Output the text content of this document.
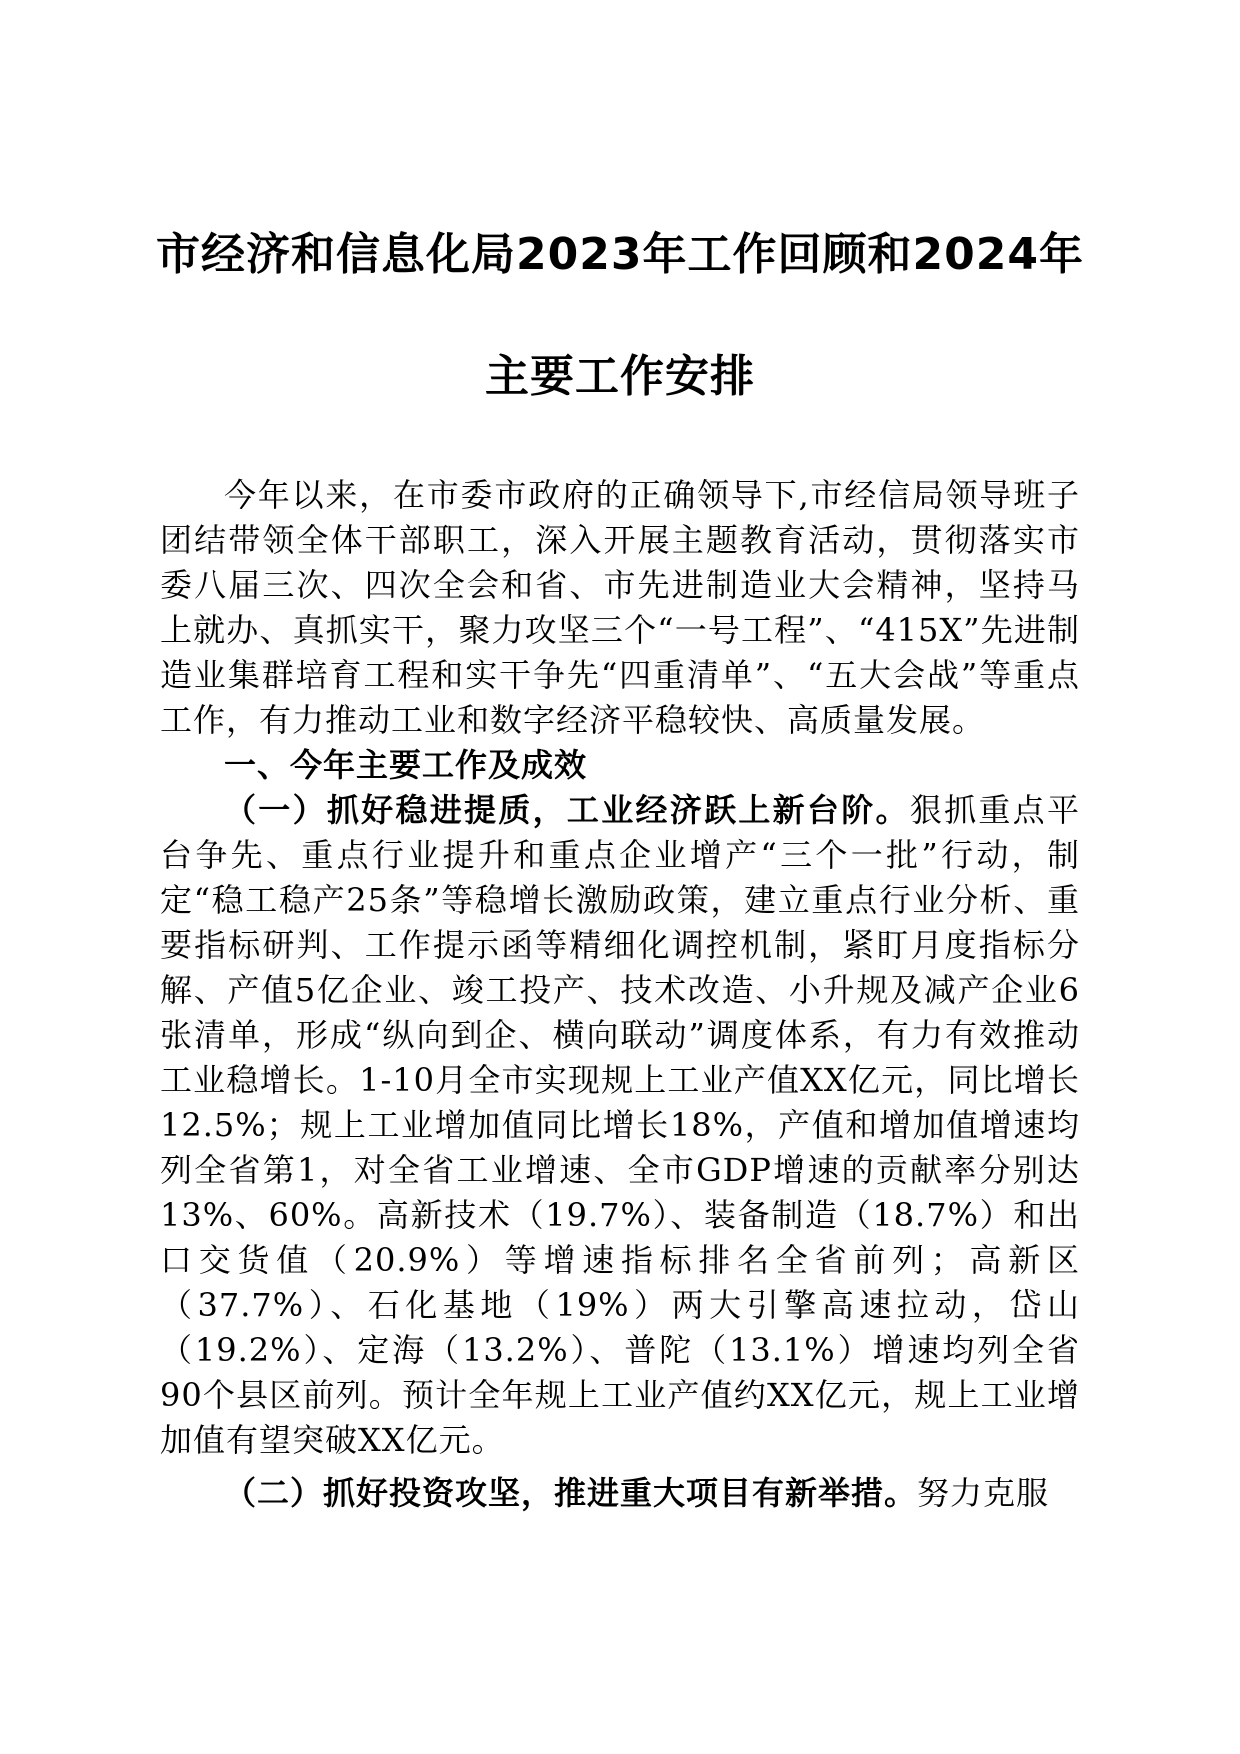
市经济和信息化局2023年工作回顾和2024年
主要工作安排

今年以来，在市委市政府的正确领导下,市经信局领导班子团结带领全体干部职工，深入开展主题教育活动，贯彻落实市委八届三次、四次全会和省、市先进制造业大会精神，坚持马上就办、真抓实干，聚力攻坚三个“一号工程”、“415X”先进制造业集群培育工程和实干争先“四重清单”、“五大会战”等重点工作，有力推动工业和数字经济平稳较快、高质量发展。

一、今年主要工作及成效

（一）抓好稳进提质，工业经济跃上新台阶。狠抓重点平台争先、重点行业提升和重点企业增产“三个一批”行动，制定“稳工稳产25条”等稳增长激励政策，建立重点行业分析、重要指标研判、工作提示函等精细化调控机制，紧盯月度指标分解、产值5亿企业、竣工投产、技术改造、小升规及减产企业6张清单，形成“纵向到企、横向联动”调度体系，有力有效推动工业稳增长。1-10月全市实现规上工业产值XX亿元，同比增长12.5%；规上工业增加值同比增长18%，产值和增加值增速均列全省第1，对全省工业增速、全市GDP增速的贡献率分别达13%、60%。高新技术（19.7%）、装备制造（18.7%）和出口交货值（20.9%）等增速指标排名全省前列；高新区（37.7%）、石化基地（19%）两大引擎高速拉动，岱山（19.2%）、定海（13.2%）、普陀（13.1%）增速均列全省90个县区前列。预计全年规上工业产值约XX亿元，规上工业增加值有望突破XX亿元。

（二）抓好投资攻坚，推进重大项目有新举措。努力克服
